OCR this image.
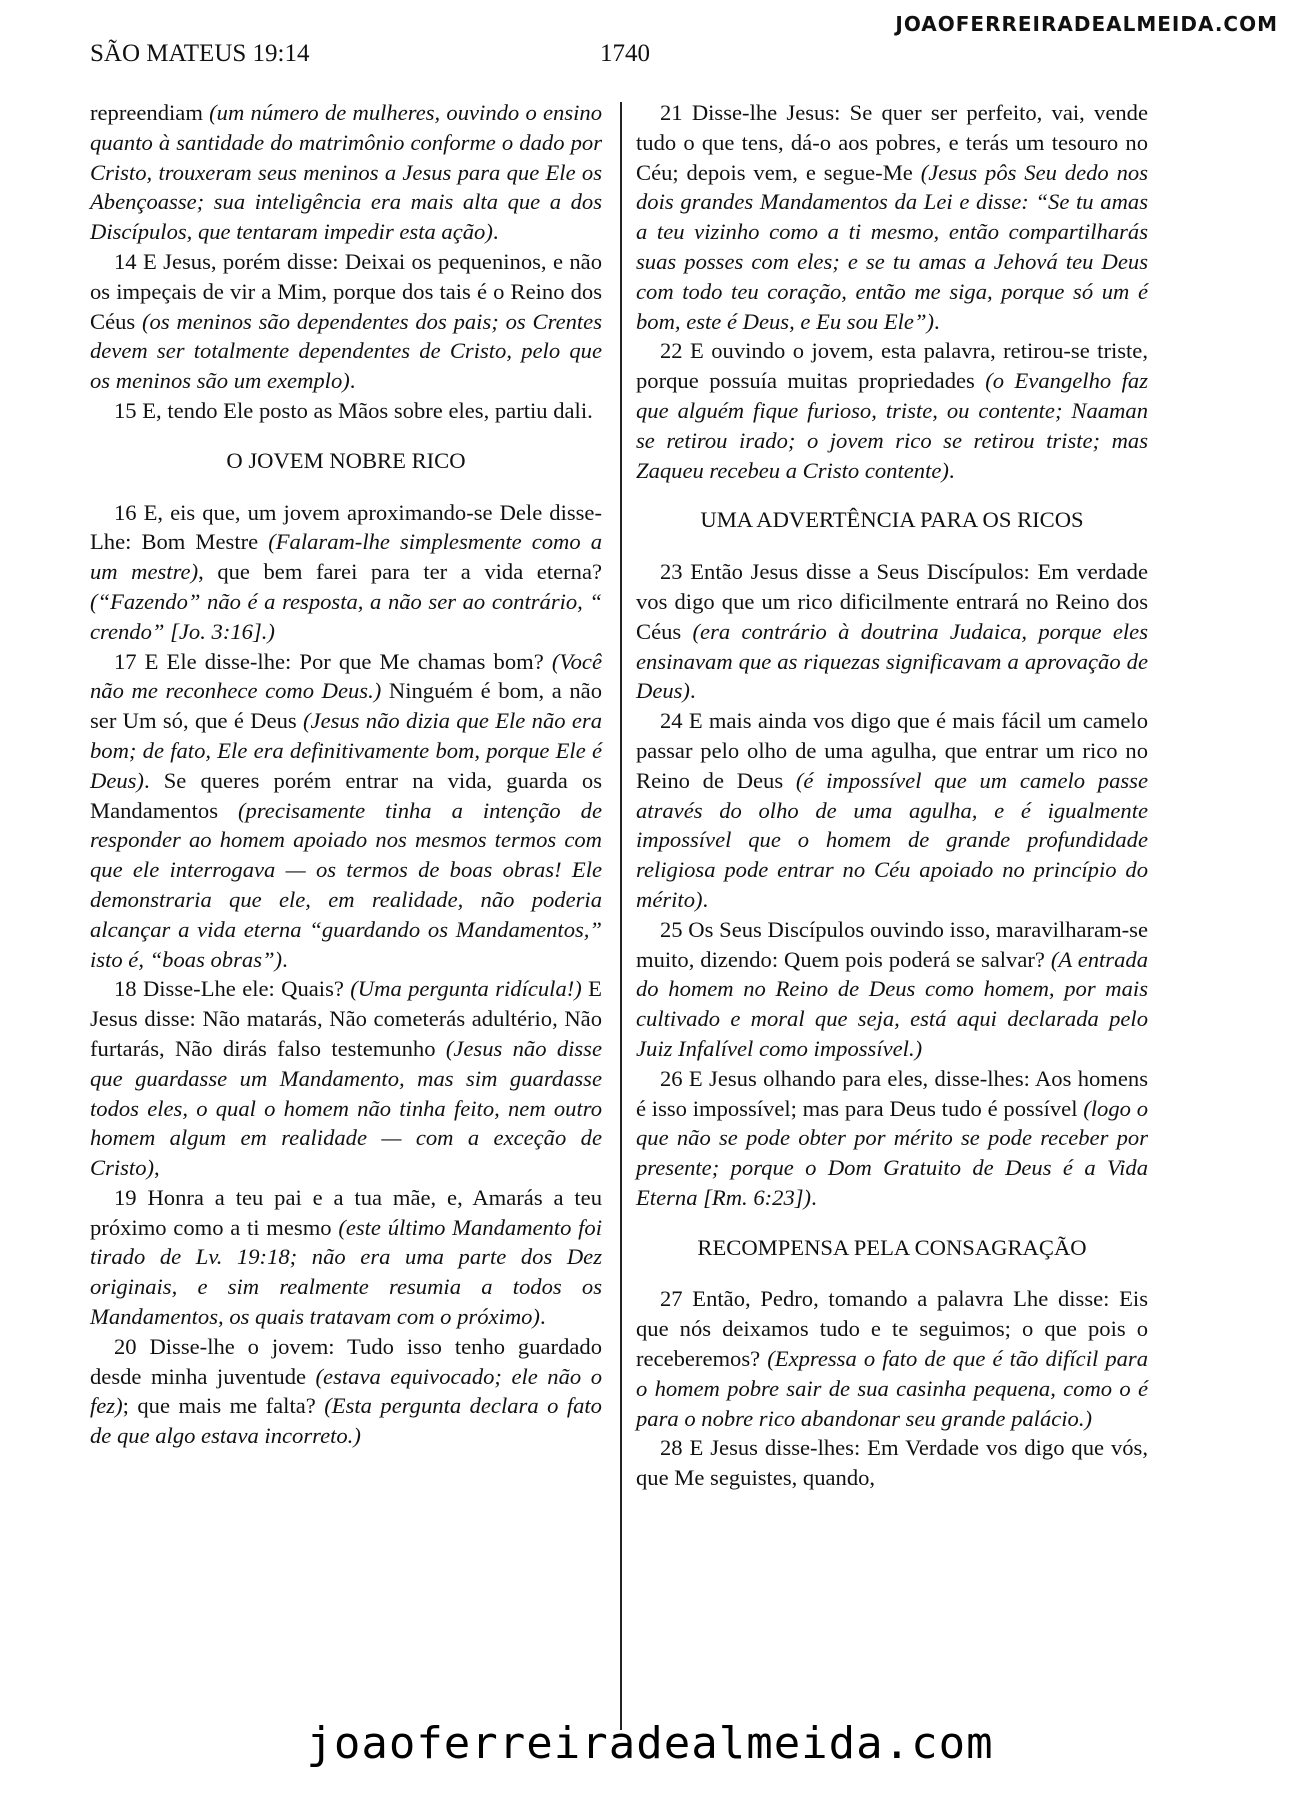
JOAOFERREIRADEALMEIDA.COM
SÃO MATEUS 19:14	1740

repreendiam (um número de mulheres, ouvindo o ensino quanto à santidade do matrimônio conforme o dado por Cristo, trouxeram seus meninos a Jesus para que Ele os Abençoasse; sua inteligência era mais alta que a dos Discípulos, que tentaram impedir esta ação).

14 E Jesus, porém disse: Deixai os pequeninos, e não os impeçais de vir a Mim, porque dos tais é o Reino dos Céus (os meninos são dependentes dos pais; os Crentes devem ser totalmente dependentes de Cristo, pelo que os meninos são um exemplo).

15 E, tendo Ele posto as Mãos sobre eles, partiu dali.

O JOVEM NOBRE RICO

16 E, eis que, um jovem aproximando-se Dele disse-Lhe: Bom Mestre (Falaram-lhe simplesmente como a um mestre), que bem farei para ter a vida eterna? (“Fazendo” não é a resposta, a não ser ao contrário, “ crendo” [Jo. 3:16].)

17 E Ele disse-lhe: Por que Me chamas bom? (Você não me reconhece como Deus.) Ninguém é bom, a não ser Um só, que é Deus (Jesus não dizia que Ele não era bom; de fato, Ele era definitivamente bom, porque Ele é Deus). Se queres porém entrar na vida, guarda os Mandamentos (precisamente tinha a intenção de responder ao homem apoiado nos mesmos termos com que ele interrogava — os termos de boas obras! Ele demonstraria que ele, em realidade, não poderia alcançar a vida eterna “guardando os Mandamentos,” isto é, “boas obras”).

18 Disse-Lhe ele: Quais? (Uma pergunta ridícula!) E Jesus disse: Não matarás, Não cometerás adultério, Não furtarás, Não dirás falso testemunho (Jesus não disse que guardasse um Mandamento, mas sim guardasse todos eles, o qual o homem não tinha feito, nem outro homem algum em realidade — com a exceção de Cristo),

19 Honra a teu pai e a tua mãe, e, Amarás a teu próximo como a ti mesmo (este último Mandamento foi tirado de Lv. 19:18; não era uma parte dos Dez originais, e sim realmente resumia a todos os Mandamentos, os quais tratavam com o próximo).

20 Disse-lhe o jovem: Tudo isso tenho guardado desde minha juventude (estava equivocado; ele não o fez); que mais me falta? (Esta pergunta declara o fato de que algo estava incorreto.)

21 Disse-lhe Jesus: Se quer ser perfeito, vai, vende tudo o que tens, dá-o aos pobres, e terás um tesouro no Céu; depois vem, e segue-Me (Jesus pôs Seu dedo nos dois grandes Mandamentos da Lei e disse: “Se tu amas a teu vizinho como a ti mesmo, então compartilharás suas posses com eles; e se tu amas a Jehová teu Deus com todo teu coração, então me siga, porque só um é bom, este é Deus, e Eu sou Ele”).

22 E ouvindo o jovem, esta palavra, retirou-se triste, porque possuía muitas propriedades (o Evangelho faz que alguém fique furioso, triste, ou contente; Naaman se retirou irado; o jovem rico se retirou triste; mas Zaqueu recebeu a Cristo contente).

UMA ADVERTÊNCIA PARA OS RICOS

23 Então Jesus disse a Seus Discípulos: Em verdade vos digo que um rico dificilmente entrará no Reino dos Céus (era contrário à doutrina Judaica, porque eles ensinavam que as riquezas significavam a aprovação de Deus).

24 E mais ainda vos digo que é mais fácil um camelo passar pelo olho de uma agulha, que entrar um rico no Reino de Deus (é impossível que um camelo passe através do olho de uma agulha, e é igualmente impossível que o homem de grande profundidade religiosa pode entrar no Céu apoiado no princípio do mérito).

25 Os Seus Discípulos ouvindo isso, maravilharam-se muito, dizendo: Quem pois poderá se salvar? (A entrada do homem no Reino de Deus como homem, por mais cultivado e moral que seja, está aqui declarada pelo Juiz Infalível como impossível.)

26 E Jesus olhando para eles, disse-lhes: Aos homens é isso impossível; mas para Deus tudo é possível (logo o que não se pode obter por mérito se pode receber por presente; porque o Dom Gratuito de Deus é a Vida Eterna [Rm. 6:23]).

RECOMPENSA PELA CONSAGRAÇÃO

27 Então, Pedro, tomando a palavra Lhe disse: Eis que nós deixamos tudo e te seguimos; o que pois o receberemos? (Expressa o fato de que é tão difícil para o homem pobre sair de sua casinha pequena, como o é para o nobre rico abandonar seu grande palácio.)

28 E Jesus disse-lhes: Em Verdade vos digo que vós, que Me seguistes, quando,

joaoferreiradealmeida.com
